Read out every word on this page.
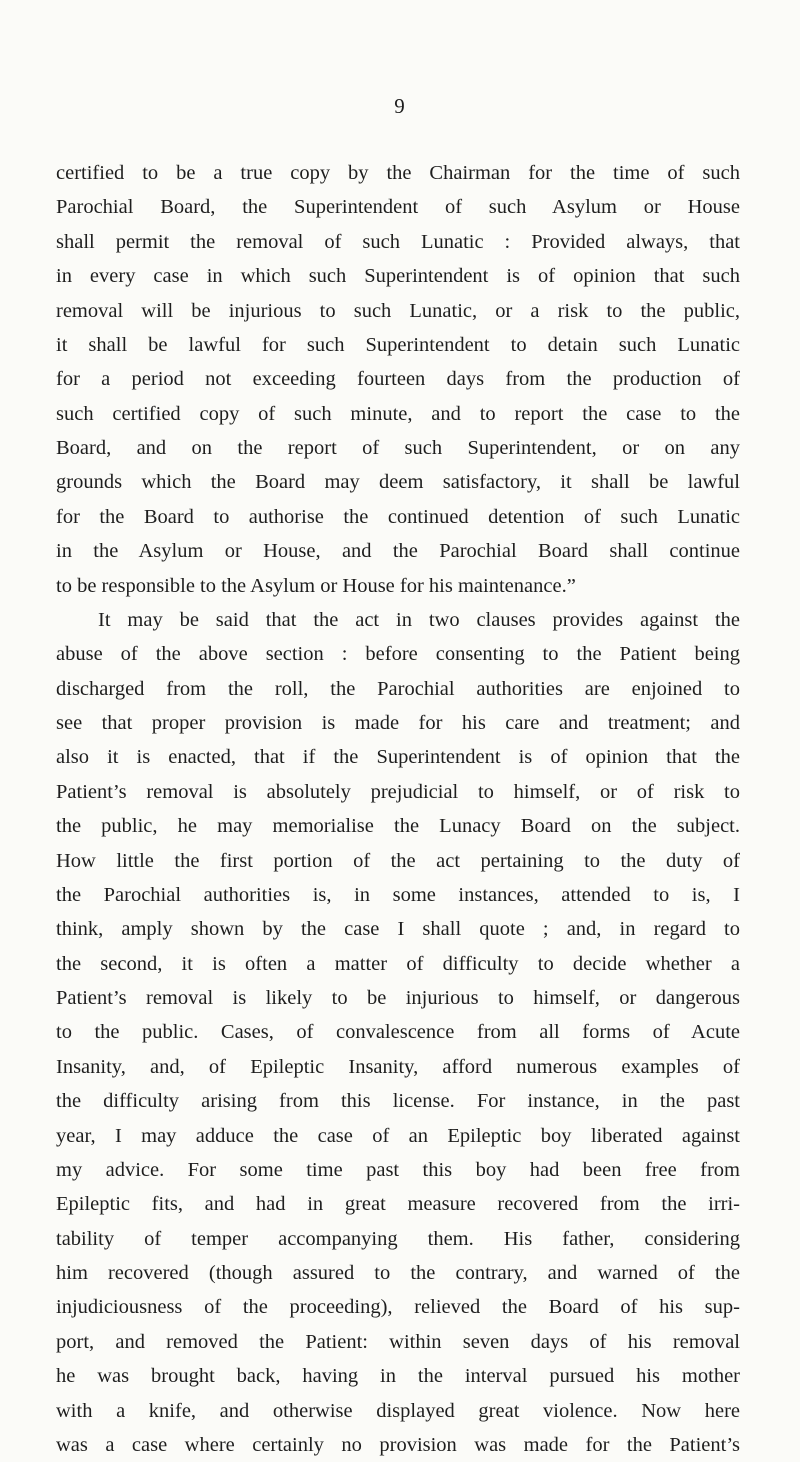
9
certified to be a true copy by the Chairman for the time of such
Parochial Board, the Superintendent of such Asylum or House
shall permit the removal of such Lunatic : Provided always, that
in every case in which such Superintendent is of opinion that such
removal will be injurious to such Lunatic, or a risk to the public,
it shall be lawful for such Superintendent to detain such Lunatic
for a period not exceeding fourteen days from the production of
such certified copy of such minute, and to report the case to the
Board, and on the report of such Superintendent, or on any
grounds which the Board may deem satisfactory, it shall be lawful
for the Board to authorise the continued detention of such Lunatic
in the Asylum or House, and the Parochial Board shall continue
to be responsible to the Asylum or House for his maintenance.”
It may be said that the act in two clauses provides against the
abuse of the above section : before consenting to the Patient being
discharged from the roll, the Parochial authorities are enjoined to
see that proper provision is made for his care and treatment; and
also it is enacted, that if the Superintendent is of opinion that the
Patient’s removal is absolutely prejudicial to himself, or of risk to
the public, he may memorialise the Lunacy Board on the subject.
How little the first portion of the act pertaining to the duty of
the Parochial authorities is, in some instances, attended to is, I
think, amply shown by the case I shall quote ; and, in regard to
the second, it is often a matter of difficulty to decide whether a
Patient’s removal is likely to be injurious to himself, or dangerous
to the public. Cases, of convalescence from all forms of Acute
Insanity, and, of Epileptic Insanity, afford numerous examples of
the difficulty arising from this license. For instance, in the past
year, I may adduce the case of an Epileptic boy liberated against
my advice. For some time past this boy had been free from
Epileptic fits, and had in great measure recovered from the irri-
tability of temper accompanying them. His father, considering
him recovered (though assured to the contrary, and warned of the
injudiciousness of the proceeding), relieved the Board of his sup-
port, and removed the Patient: within seven days of his removal
he was brought back, having in the interval pursued his mother
with a knife, and otherwise displayed great violence. Now here
was a case where certainly no provision was made for the Patient’s
